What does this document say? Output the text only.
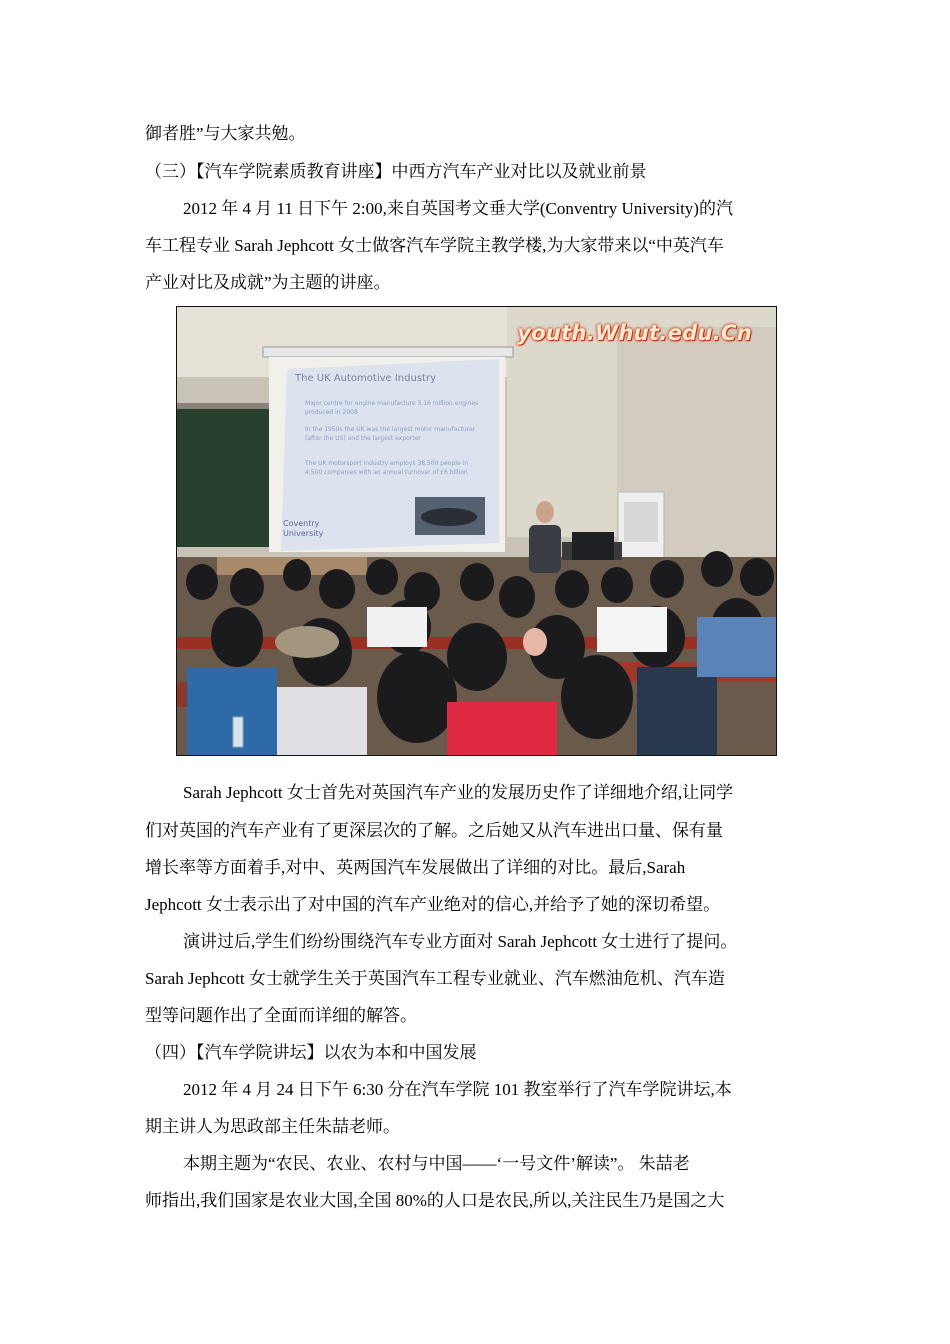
御者胜”与大家共勉。
（三）【汽车学院素质教育讲座】中西方汽车产业对比以及就业前景
2012 年 4 月 11 日下午 2:00,来自英国考文垂大学(Conventry University)的汽
车工程专业 Sarah Jephcott 女士做客汽车学院主教学楼,为大家带来以“中英汽车
产业对比及成就”为主题的讲座。
youth.Whut.edu.Cn
The UK Automotive Industry
Major centre for engine manufacture 3.16 million engines produced in 2008
In the 1950s the UK was the largest motor manufacturer (after the US) and the largest exporter
The UK motorsport industry employs 38,500 people in 4,500 companies with an annual turnover of £6 billion
Coventry
University
Sarah Jephcott 女士首先对英国汽车产业的发展历史作了详细地介绍,让同学
们对英国的汽车产业有了更深层次的了解。之后她又从汽车进出口量、保有量
增长率等方面着手,对中、英两国汽车发展做出了详细的对比。最后,Sarah
Jephcott 女士表示出了对中国的汽车产业绝对的信心,并给予了她的深切希望。
演讲过后,学生们纷纷围绕汽车专业方面对 Sarah Jephcott 女士进行了提问。
Sarah Jephcott 女士就学生关于英国汽车工程专业就业、汽车燃油危机、汽车造
型等问题作出了全面而详细的解答。
（四）【汽车学院讲坛】以农为本和中国发展
2012 年 4 月 24 日下午 6:30 分在汽车学院 101 教室举行了汽车学院讲坛,本
期主讲人为思政部主任朱喆老师。
本期主题为“农民、农业、农村与中国——‘一号文件’解读”。 朱喆老
师指出,我们国家是农业大国,全国 80%的人口是农民,所以,关注民生乃是国之大
